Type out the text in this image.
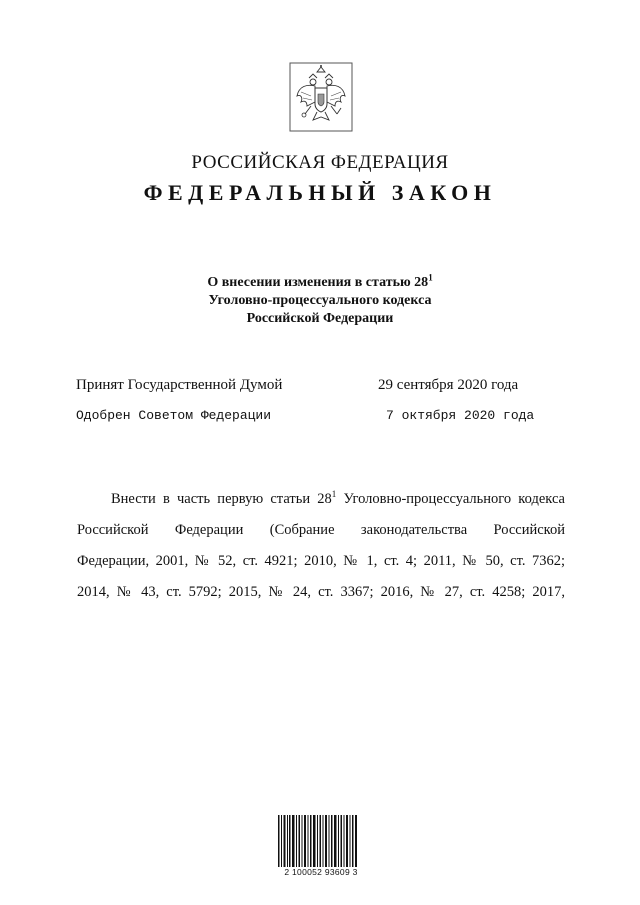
РОССИЙСКАЯ ФЕДЕРАЦИЯ
ФЕДЕРАЛЬНЫЙ ЗАКОН
О внесении изменения в статью $28^1$
Уголовно-процессуального кодекса
Российской Федерации
Принят Государственной Думой	29 сентября 2020 года
Одобрен Советом Федерации	7 октября 2020 года
Внести в часть первую статьи $28^1$ Уголовно-процессуального кодекса
Российской Федерации (Собрание законодательства Российской
Федерации, 2001, № 52, ст. 4921; 2010, № 1, ст. 4; 2011, № 50, ст. 7362;
2014, № 43, ст. 5792; 2015, № 24, ст. 3367; 2016, № 27, ст. 4258; 2017,
2 100052 93609 3
